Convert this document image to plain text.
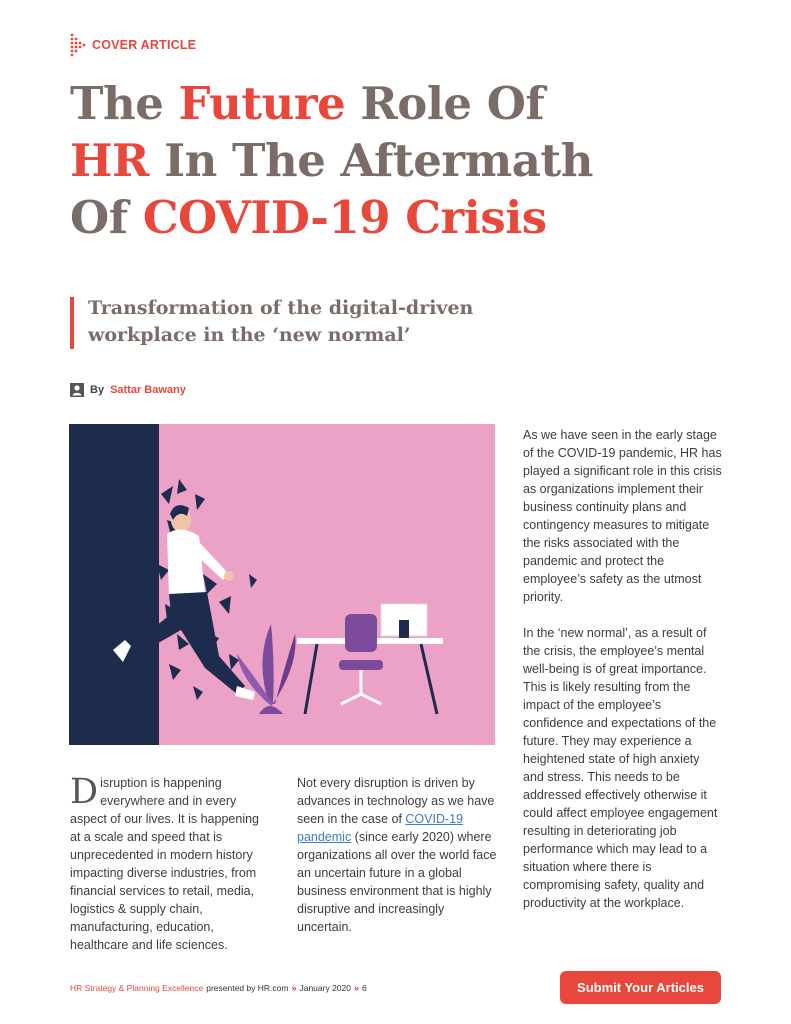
COVER ARTICLE
The Future Role Of
HR In The Aftermath
Of COVID-19 Crisis
Transformation of the digital-driven
workplace in the ‘new normal’
By Sattar Bawany

Disruption is happening everywhere and in every aspect of our lives. It is happening at a scale and speed that is unprecedented in modern history impacting diverse industries, from financial services to retail, media, logistics & supply chain, manufacturing, education, healthcare and life sciences.

Not every disruption is driven by advances in technology as we have seen in the case of COVID-19 pandemic (since early 2020) where organizations all over the world face an uncertain future in a global business environment that is highly disruptive and increasingly uncertain.

As we have seen in the early stage of the COVID-19 pandemic, HR has played a significant role in this crisis as organizations implement their business continuity plans and contingency measures to mitigate the risks associated with the pandemic and protect the employee’s safety as the utmost priority.

In the ‘new normal’, as a result of the crisis, the employee’s mental well-being is of great importance. This is likely resulting from the impact of the employee’s confidence and expectations of the future. They may experience a heightened state of high anxiety and stress. This needs to be addressed effectively otherwise it could affect employee engagement resulting in deteriorating job performance which may lead to a situation where there is compromising safety, quality and productivity at the workplace.

HR Strategy & Planning Excellence presented by HR.com » January 2020 » 6	Submit Your Articles
